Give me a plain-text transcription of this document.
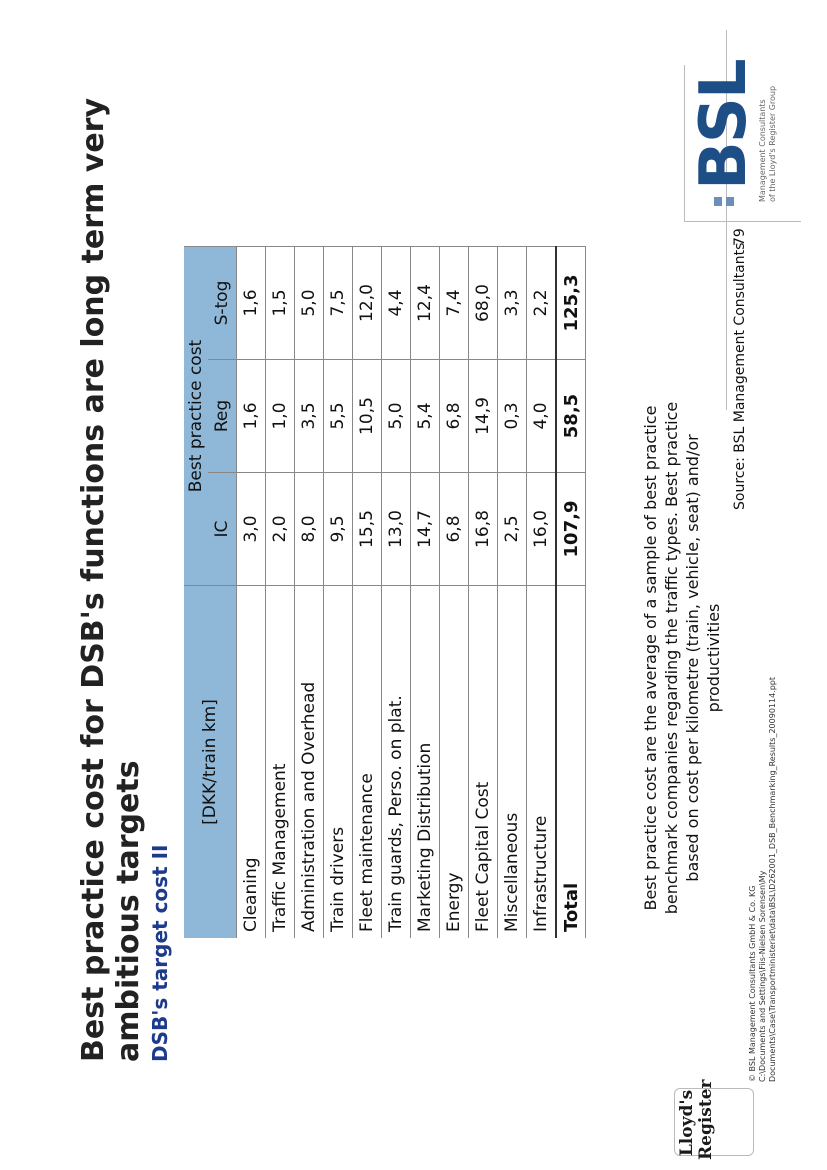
Best practice cost for DSB's functions are long term very ambitious targets DSB's target cost II
[DKK/train km]	Best practice cost		
	IC	Reg	S-tog
Cleaning	3,0	1,6	1,6
Traffic Management	2,0	1,0	1,5
Administration and Overhead	8,0	3,5	5,0
Train drivers	9,5	5,5	7,5
Fleet maintenance	15,5	10,5	12,0
Train guards, Perso. on plat.	13,0	5,0	4,4
Marketing Distribution	14,7	5,4	12,4
Energy	6,8	6,8	7,4
Fleet Capital Cost	16,8	14,9	68,0
Miscellaneous	2,5	0,3	3,3
Infrastructure	16,0	4,0	2,2
Total	107,9	58,5	125,3

Best practice cost are the average of a sample of best practice benchmark companies regarding the traffic types. Best practice based on cost per kilometre (train, vehicle, seat) and/or productivities

Source: BSL Management Consultants

79

Lloyd's Register

© BSL Management Consultants GmbH & Co. KG C:\Documents and Settings\Fiis-Nielsen Sorensen\My Documents\Case\Transportministeriet\data\BSL\D262001_DSB_Benchmarking_Results_20090114.ppt

BSL
Management Consultants of the Lloyd's Register Group
